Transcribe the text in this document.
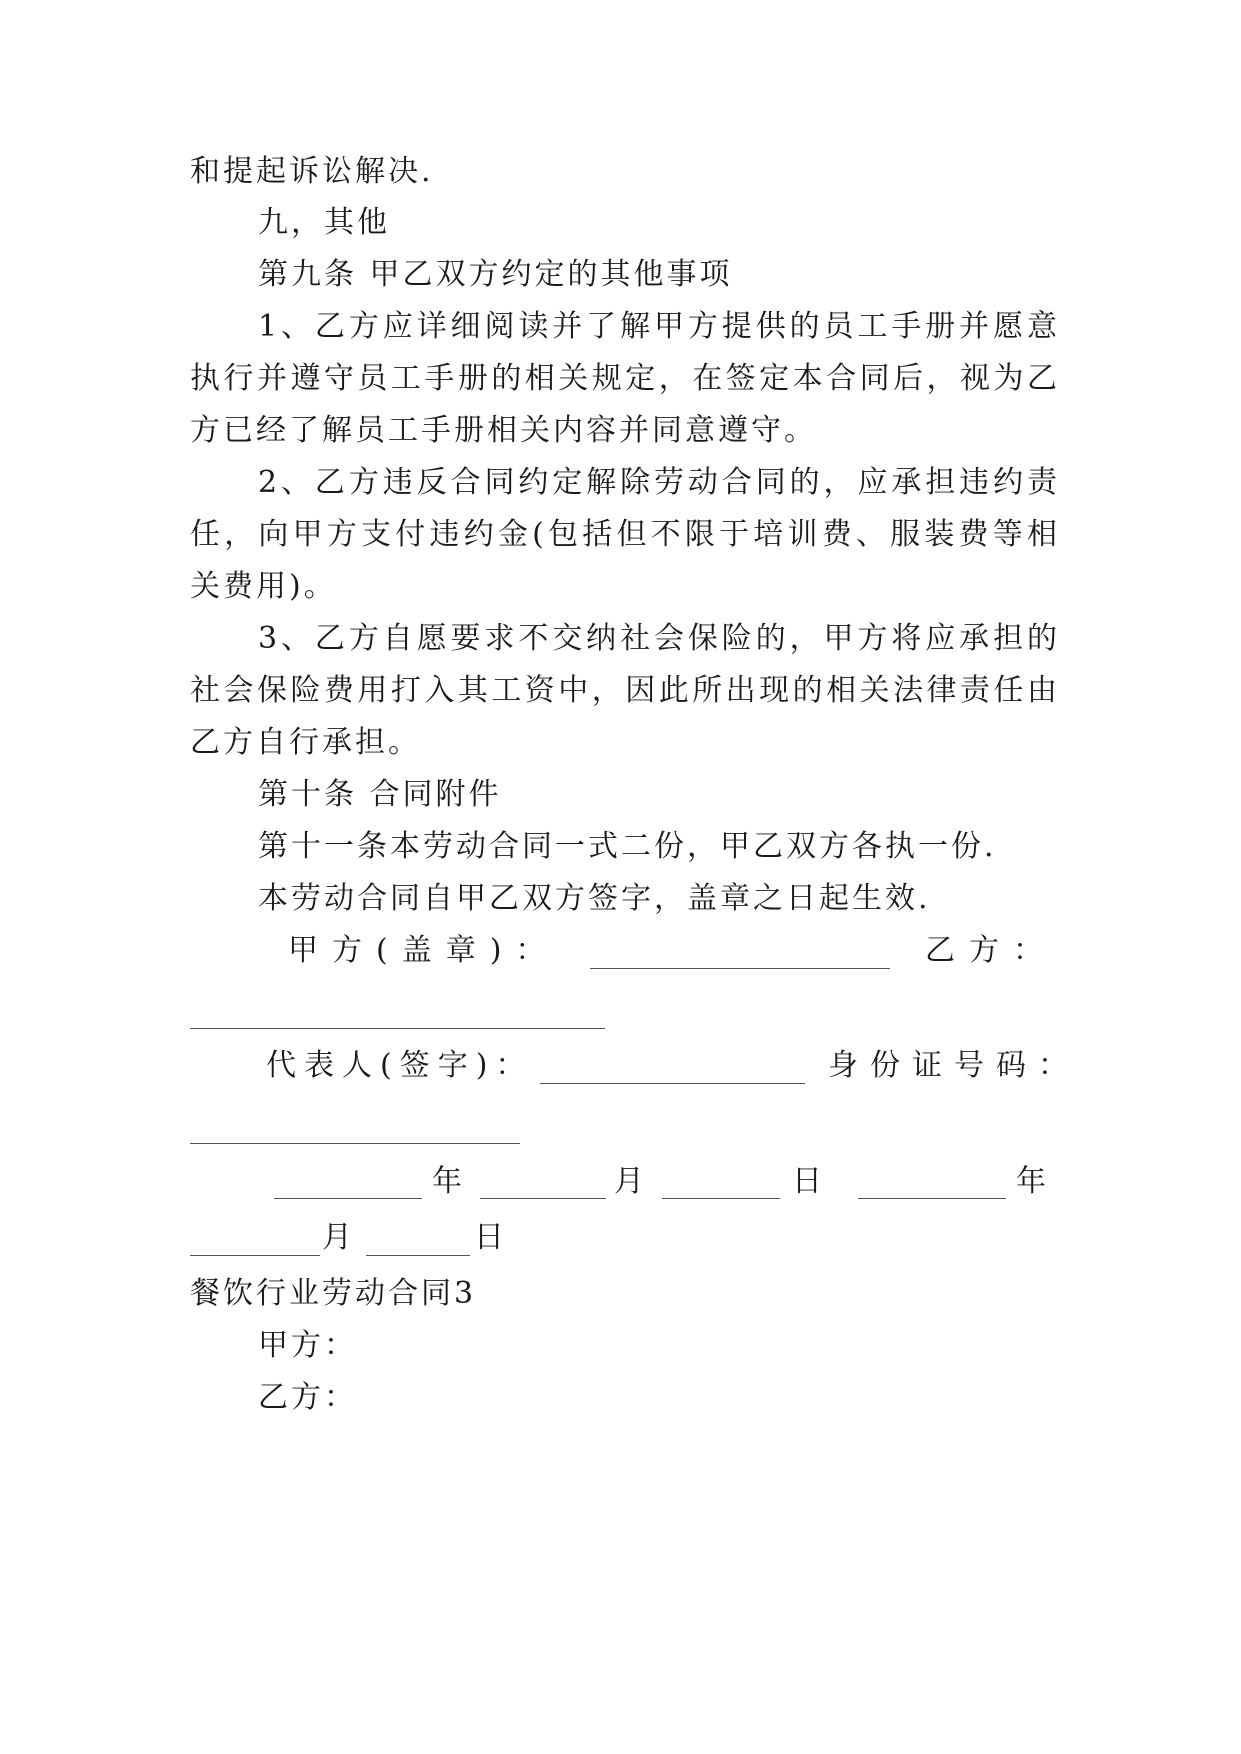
和提起诉讼解决.
九，其他
第九条 甲乙双方约定的其他事项
1、乙方应详细阅读并了解甲方提供的员工手册并愿意
执行并遵守员工手册的相关规定，在签定本合同后，视为乙
方已经了解员工手册相关内容并同意遵守。
2、乙方违反合同约定解除劳动合同的，应承担违约责
任，向甲方支付违约金(包括但不限于培训费、服装费等相
关费用)。
3、乙方自愿要求不交纳社会保险的，甲方将应承担的
社会保险费用打入其工资中，因此所出现的相关法律责任由
乙方自行承担。
第十条 合同附件
第十一条本劳动合同一式二份，甲乙双方各执一份.
本劳动合同自甲乙双方签字，盖章之日起生效.
甲方(盖章)：	乙方：
代表人(签字)：	身份证号码：
年	月	日	年
月	日
餐饮行业劳动合同3
甲方：
乙方：
